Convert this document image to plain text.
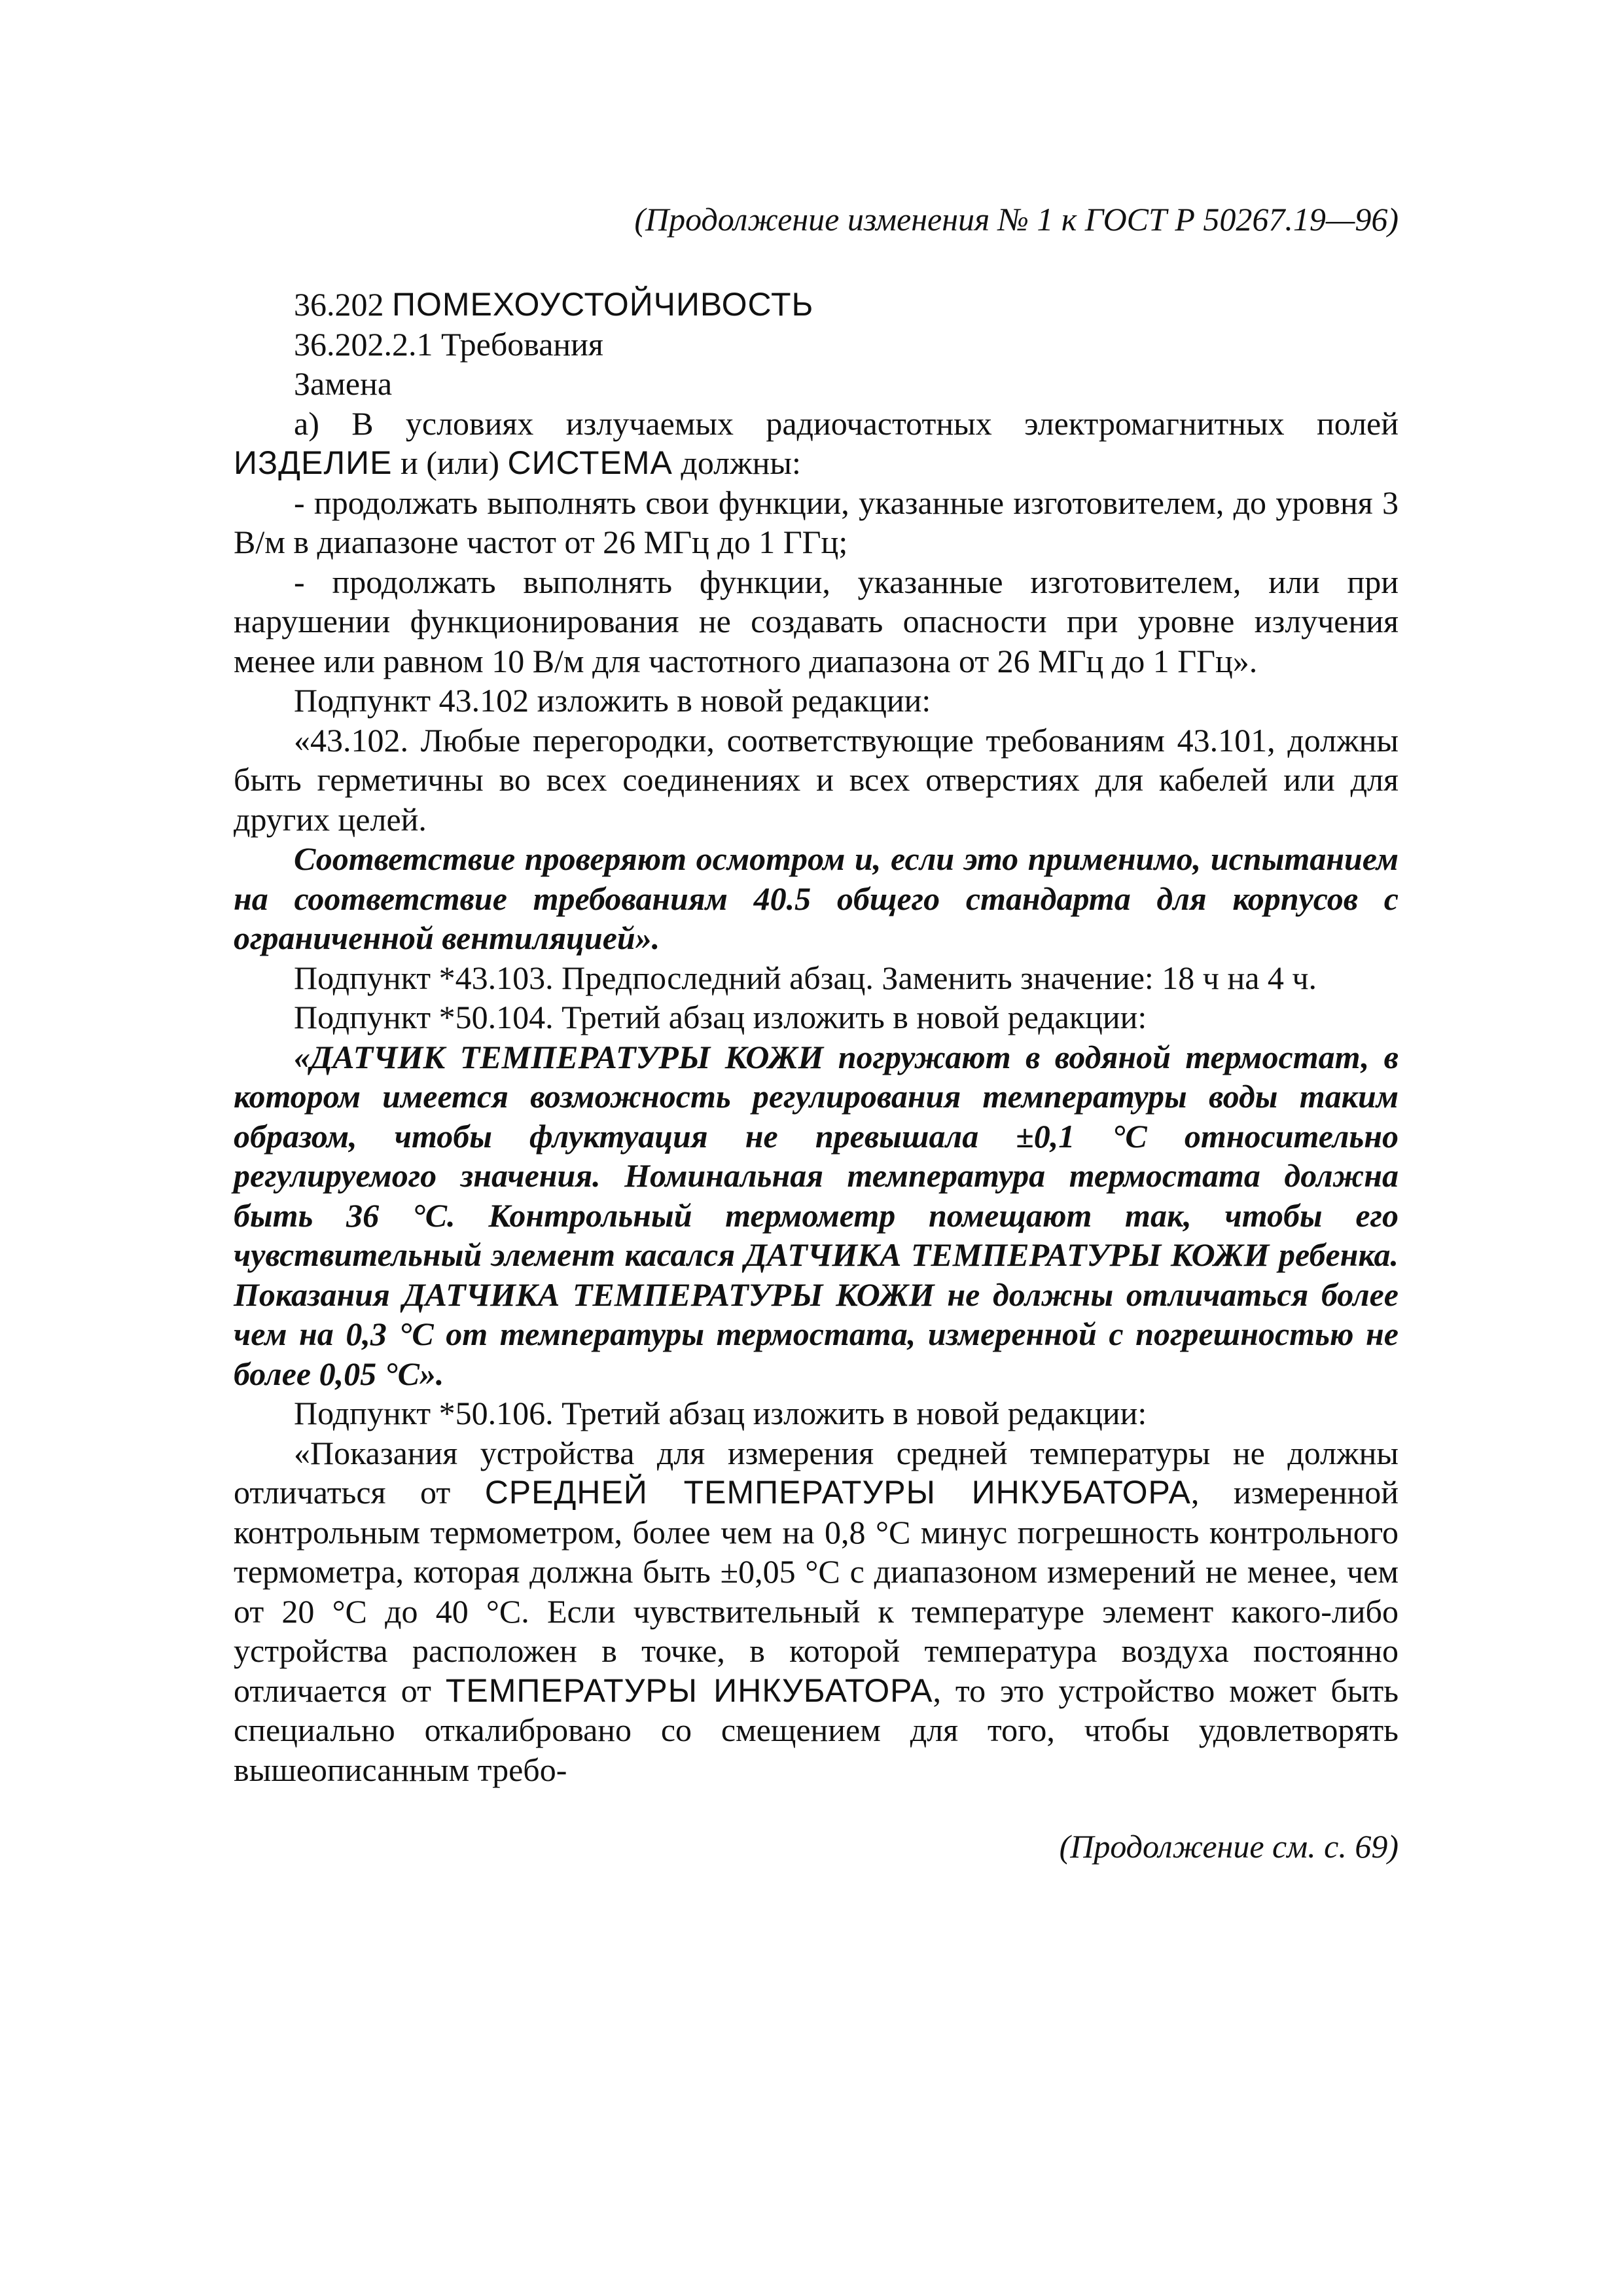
(Продолжение изменения № 1 к ГОСТ Р 50267.19—96)

36.202 ПОМЕХОУСТОЙЧИВОСТЬ

36.202.2.1 Требования

Замена

а) В условиях излучаемых радиочастотных электромагнитных полей ИЗДЕЛИЕ и (или) СИСТЕМА должны:

- продолжать выполнять свои функции, указанные изготовителем, до уровня 3 В/м в диапазоне частот от 26 МГц до 1 ГГц;

- продолжать выполнять функции, указанные изготовителем, или при нарушении функционирования не создавать опасности при уровне излучения менее или равном 10 В/м для частотного диапазона от 26 МГц до 1 ГГц».

Подпункт 43.102 изложить в новой редакции:

«43.102. Любые перегородки, соответствующие требованиям 43.101, должны быть герметичны во всех соединениях и всех отверстиях для кабелей или для других целей.

Соответствие проверяют осмотром и, если это применимо, испытанием на соответствие требованиям 40.5 общего стандарта для корпусов с ограниченной вентиляцией».

Подпункт *43.103. Предпоследний абзац. Заменить значение: 18 ч на 4 ч.

Подпункт *50.104. Третий абзац изложить в новой редакции:

«ДАТЧИК ТЕМПЕРАТУРЫ КОЖИ погружают в водяной термостат, в котором имеется возможность регулирования температуры воды таким образом, чтобы флуктуация не превышала ±0,1 °С относительно регулируемого значения. Номинальная температура термостата должна быть 36 °С. Контрольный термометр помещают так, чтобы его чувствительный элемент касался ДАТЧИКА ТЕМПЕРАТУРЫ КОЖИ ребенка. Показания ДАТЧИКА ТЕМПЕРАТУРЫ КОЖИ не должны отличаться более чем на 0,3 °С от температуры термостата, измеренной с погрешностью не более 0,05 °С».

Подпункт *50.106. Третий абзац изложить в новой редакции:

«Показания устройства для измерения средней температуры не должны отличаться от СРЕДНЕЙ ТЕМПЕРАТУРЫ ИНКУБАТОРА, измеренной контрольным термометром, более чем на 0,8 °С минус погрешность контрольного термометра, которая должна быть ±0,05 °С с диапазоном измерений не менее, чем от 20 °С до 40 °С. Если чувствительный к температуре элемент какого-либо устройства расположен в точке, в которой температура воздуха постоянно отличается от ТЕМПЕРАТУРЫ ИНКУБАТОРА, то это устройство может быть специально откалибровано со смещением для того, чтобы удовлетворять вышеописанным требо-

(Продолжение см. с. 69)
